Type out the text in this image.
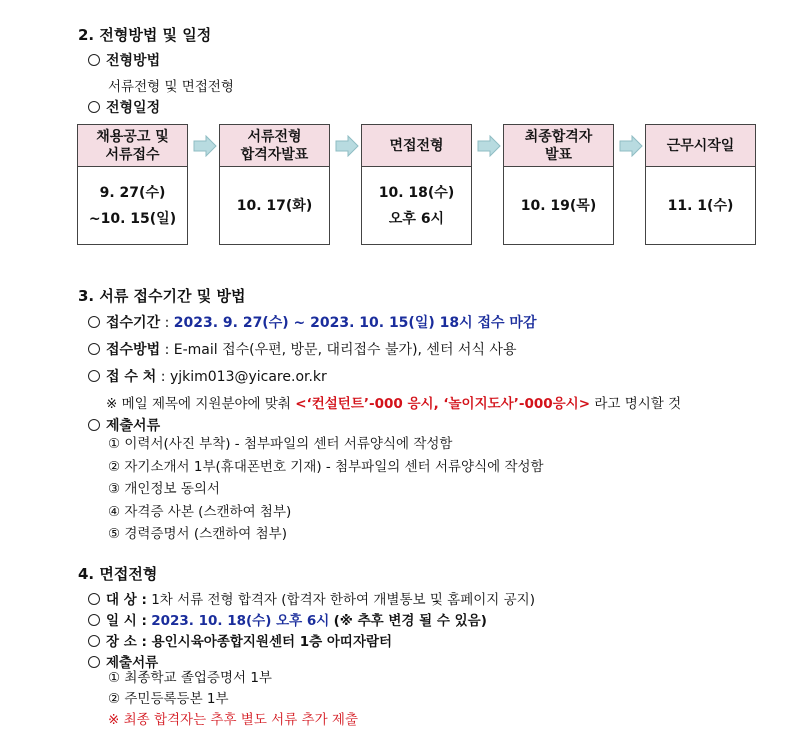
2. 전형방법 및 일정
전형방법
서류전형 및 면접전형
전형일정
채용공고 및
서류접수
9. 27(수)
~10. 15(일)
서류전형
합격자발표
10. 17(화)
면접전형
10. 18(수)
오후 6시
최종합격자
발표
10. 19(목)
근무시작일
11. 1(수)
3. 서류 접수기간 및 방법
접수기간 : 2023. 9. 27(수) ~ 2023. 10. 15(일) 18시 접수 마감
접수방법 : E-mail 접수(우편, 방문, 대리접수 불가), 센터 서식 사용
접 수 처 : yjkim013@yicare.or.kr
※ 메일 제목에 지원분야에 맞춰 <‘컨설턴트’-000 응시, ‘놀이지도사’-000응시> 라고 명시할 것
제출서류
① 이력서(사진 부착) - 첨부파일의 센터 서류양식에 작성함
② 자기소개서 1부(휴대폰번호 기재) - 첨부파일의 센터 서류양식에 작성함
③ 개인정보 동의서
④ 자격증 사본 (스캔하여 첨부)
⑤ 경력증명서 (스캔하여 첨부)
4. 면접전형
대 상 : 1차 서류 전형 합격자 (합격자 한하여 개별통보 및 홈페이지 공지)
일 시 : 2023. 10. 18(수) 오후 6시 (※ 추후 변경 될 수 있음)
장 소 : 용인시육아종합지원센터 1층 아띠자람터
제출서류
① 최종학교 졸업증명서 1부
② 주민등록등본 1부
※ 최종 합격자는 추후 별도 서류 추가 제출
